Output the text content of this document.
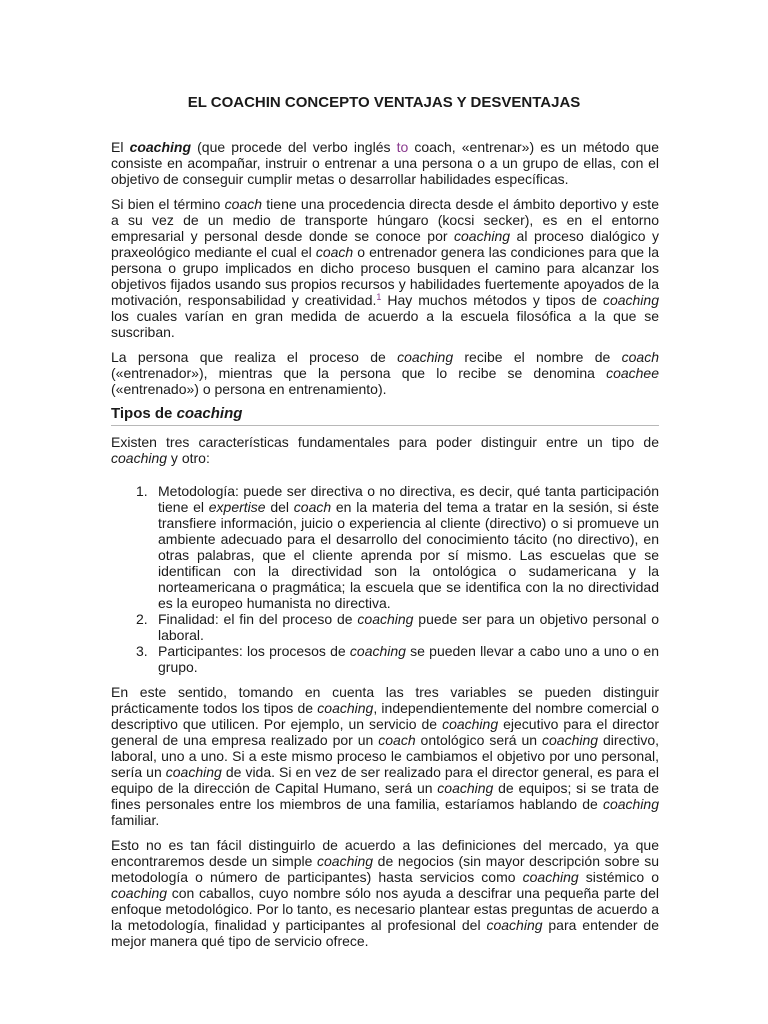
EL COACHIN CONCEPTO VENTAJAS Y DESVENTAJAS

El coaching (que procede del verbo inglés to coach, «entrenar») es un método que consiste en acompañar, instruir o entrenar a una persona o a un grupo de ellas, con el objetivo de conseguir cumplir metas o desarrollar habilidades específicas.

Si bien el término coach tiene una procedencia directa desde el ámbito deportivo y este a su vez de un medio de transporte húngaro (kocsi secker), es en el entorno empresarial y personal desde donde se conoce por coaching al proceso dialógico y praxeológico mediante el cual el coach o entrenador genera las condiciones para que la persona o grupo implicados en dicho proceso busquen el camino para alcanzar los objetivos fijados usando sus propios recursos y habilidades fuertemente apoyados de la motivación, responsabilidad y creatividad.$^1$ Hay muchos métodos y tipos de coaching los cuales varían en gran medida de acuerdo a la escuela filosófica a la que se suscriban.

La persona que realiza el proceso de coaching recibe el nombre de coach («entrenador»), mientras que la persona que lo recibe se denomina coachee («entrenado») o persona en entrenamiento).

Tipos de coaching

Existen tres características fundamentales para poder distinguir entre un tipo de coaching y otro:

1. Metodología: puede ser directiva o no directiva, es decir, qué tanta participación tiene el expertise del coach en la materia del tema a tratar en la sesión, si éste transfiere información, juicio o experiencia al cliente (directivo) o si promueve un ambiente adecuado para el desarrollo del conocimiento tácito (no directivo), en otras palabras, que el cliente aprenda por sí mismo. Las escuelas que se identifican con la directividad son la ontológica o sudamericana y la norteamericana o pragmática; la escuela que se identifica con la no directividad es la europeo humanista no directiva.
2. Finalidad: el fin del proceso de coaching puede ser para un objetivo personal o laboral.
3. Participantes: los procesos de coaching se pueden llevar a cabo uno a uno o en grupo.

En este sentido, tomando en cuenta las tres variables se pueden distinguir prácticamente todos los tipos de coaching, independientemente del nombre comercial o descriptivo que utilicen. Por ejemplo, un servicio de coaching ejecutivo para el director general de una empresa realizado por un coach ontológico será un coaching directivo, laboral, uno a uno. Si a este mismo proceso le cambiamos el objetivo por uno personal, sería un coaching de vida. Si en vez de ser realizado para el director general, es para el equipo de la dirección de Capital Humano, será un coaching de equipos; si se trata de fines personales entre los miembros de una familia, estaríamos hablando de coaching familiar.

Esto no es tan fácil distinguirlo de acuerdo a las definiciones del mercado, ya que encontraremos desde un simple coaching de negocios (sin mayor descripción sobre su metodología o número de participantes) hasta servicios como coaching sistémico o coaching con caballos, cuyo nombre sólo nos ayuda a descifrar una pequeña parte del enfoque metodológico. Por lo tanto, es necesario plantear estas preguntas de acuerdo a la metodología, finalidad y participantes al profesional del coaching para entender de mejor manera qué tipo de servicio ofrece.
